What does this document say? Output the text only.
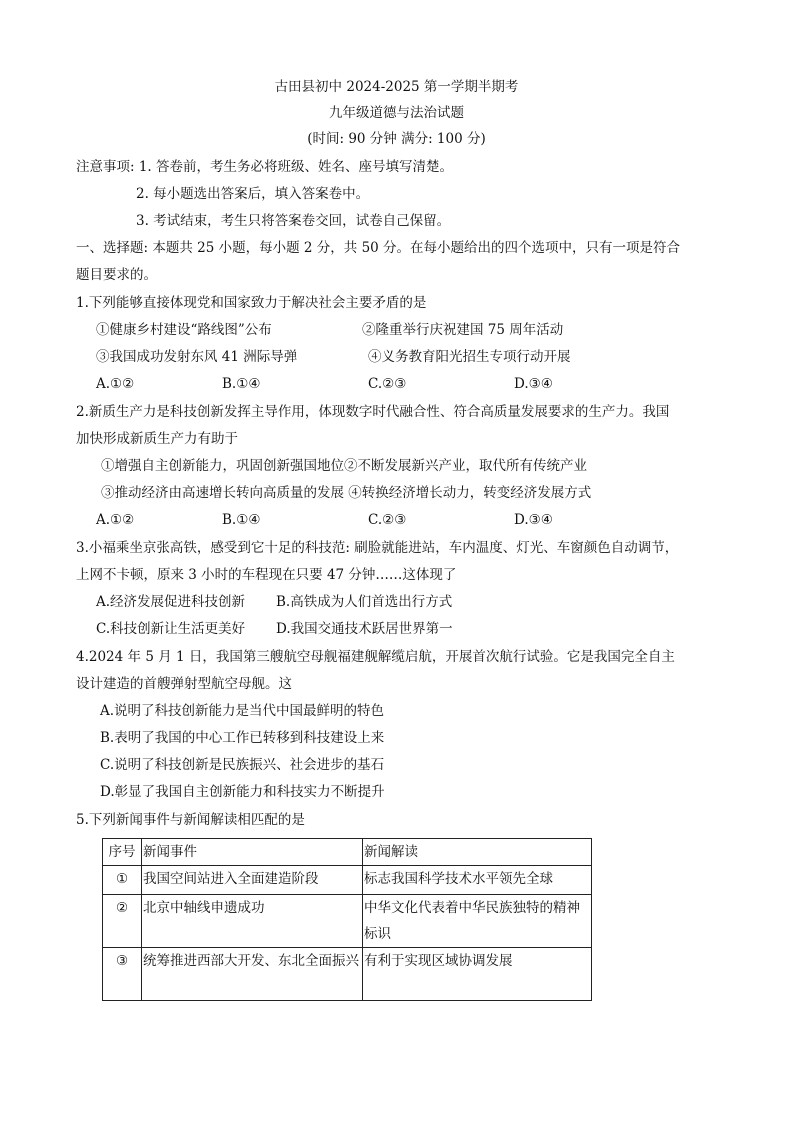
古田县初中 2024-2025 第一学期半期考
九年级道德与法治试题
(时间: 90 分钟 满分: 100 分)
注意事项: 1. 答卷前，考生务必将班级、姓名、座号填写清楚。
2. 每小题选出答案后，填入答案卷中。
3. 考试结束，考生只将答案卷交回，试卷自己保留。
一、选择题: 本题共 25 小题，每小题 2 分，共 50 分。在每小题给出的四个选项中，只有一项是符合
题目要求的。
1.下列能够直接体现党和国家致力于解决社会主要矛盾的是
①健康乡村建设“路线图”公布	②隆重举行庆祝建国 75 周年活动
③我国成功发射东风 41 洲际导弹	④义务教育阳光招生专项行动开展
A.①②	B.①④	C.②③	D.③④
2.新质生产力是科技创新发挥主导作用，体现数字时代融合性、符合高质量发展要求的生产力。我国
加快形成新质生产力有助于
①增强自主创新能力，巩固创新强国地位②不断发展新兴产业，取代所有传统产业
③推动经济由高速增长转向高质量的发展 ④转换经济增长动力，转变经济发展方式
A.①②	B.①④	C.②③	D.③④
3.小福乘坐京张高铁，感受到它十足的科技范: 刷脸就能进站，车内温度、灯光、车窗颜色自动调节，
上网不卡顿，原来 3 小时的车程现在只要 47 分钟……这体现了
A.经济发展促进科技创新 B.高铁成为人们首选出行方式
C.科技创新让生活更美好 D.我国交通技术跃居世界第一
4.2024 年 5 月 1 日，我国第三艘航空母舰福建舰解缆启航，开展首次航行试验。它是我国完全自主
设计建造的首艘弹射型航空母舰。这
A.说明了科技创新能力是当代中国最鲜明的特色
B.表明了我国的中心工作已转移到科技建设上来
C.说明了科技创新是民族振兴、社会进步的基石
D.彰显了我国自主创新能力和科技实力不断提升
5.下列新闻事件与新闻解读相匹配的是
序号	新闻事件	新闻解读
①	我国空间站进入全面建造阶段	标志我国科学技术水平领先全球
②	北京中轴线申遗成功	中华文化代表着中华民族独特的精神标识
③	统筹推进西部大开发、东北全面振兴	有利于实现区域协调发展
